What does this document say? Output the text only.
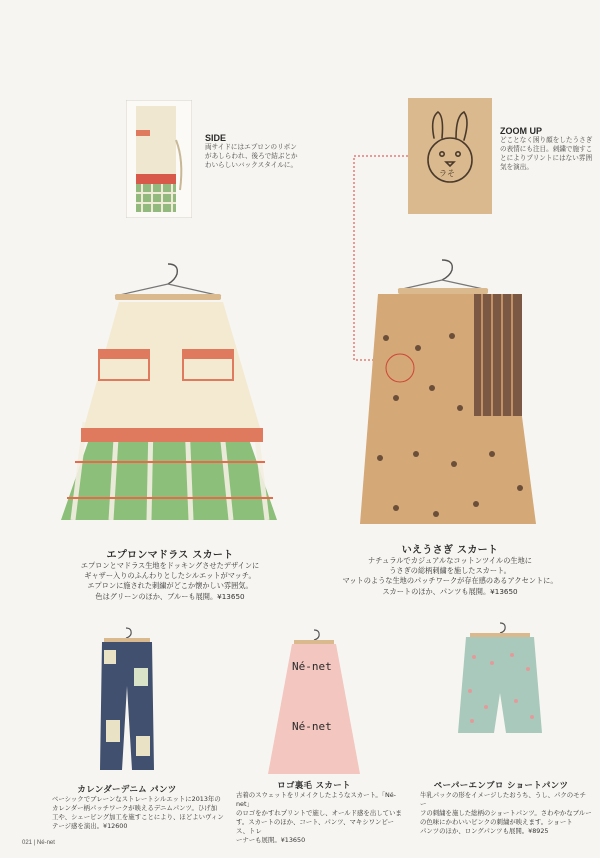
SIDE
両サイドにはエプロンのリボンがあしらわれ、後ろで結ぶとかわいらしいバックスタイルに。
ラそ
ZOOM UP
どことなく困り顔をしたうさぎの表情にも注目。刺繍で施すことによりプリントにはない雰囲気を演出。
エプロンマドラス スカート
エプロンとマドラス生地をドッキングさせたデザインに
ギャザー入りのふんわりとしたシルエットがマッチ。
エプロンに施された刺繍がどこか懐かしい雰囲気。
色はグリーンのほか、ブルーも展開。¥13650
いえうさぎ スカート
ナチュラルでカジュアルなコットンツイルの生地に
うさぎの総柄刺繍を施したスカート。
マットのような生地のパッチワークが存在感のあるアクセントに。
スカートのほか、パンツも展開。¥13650
カレンダーデニム パンツ
ベーシックでブレーンなストレートシルエットに2013年の
カレンダー柄パッチワークが映えるデニムパンツ。ひげ加
工や、シェービング加工を施すことにより、ほどよいヴィン
テージ感を演出。¥12600
Né-net
Né-net
ロゴ裏毛 スカート
古着のスウェットをリメイクしたようなスカート。「Né-net」
のロゴをかすれプリントで施し、オールド感を出していま
す。スカートのほか、コート、パンツ、マキシワンピース、トレ
ーナーも展開。¥13650
ペーパーエンブロ ショートパンツ
牛乳パックの形をイメージしたおうち、うし、パクのモチー
フの刺繍を施した総柄のショートパンツ。さわやかなブルー
の色味にかわいいピンクの刺繍が映えます。ショート
パンツのほか、ロングパンツも展開。¥8925
021 | Né-net
